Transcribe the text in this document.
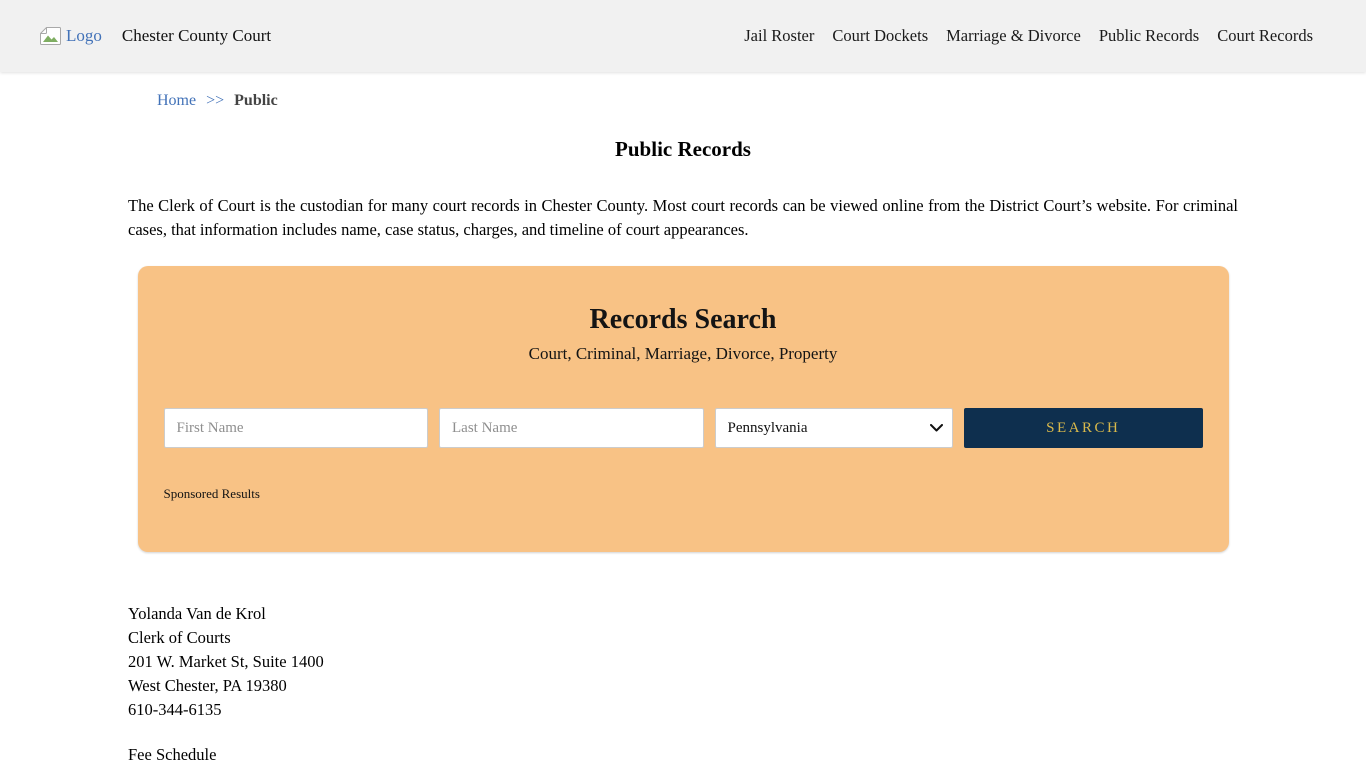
Logo Chester County Court	Jail Roster Court Dockets Marriage & Divorce Public Records Court Records
Home >> Public
Public Records

The Clerk of Court is the custodian for many court records in Chester County. Most court records can be viewed online from the District Court’s website. For criminal cases, that information includes name, case status, charges, and timeline of court appearances.

Records Search
Court, Criminal, Marriage, Divorce, Property
First Name
Last Name
Pennsylvania
SEARCH
Sponsored Results
Yolanda Van de Krol
Clerk of Courts
201 W. Market St, Suite 1400
West Chester, PA 19380
610-344-6135
Fee Schedule
